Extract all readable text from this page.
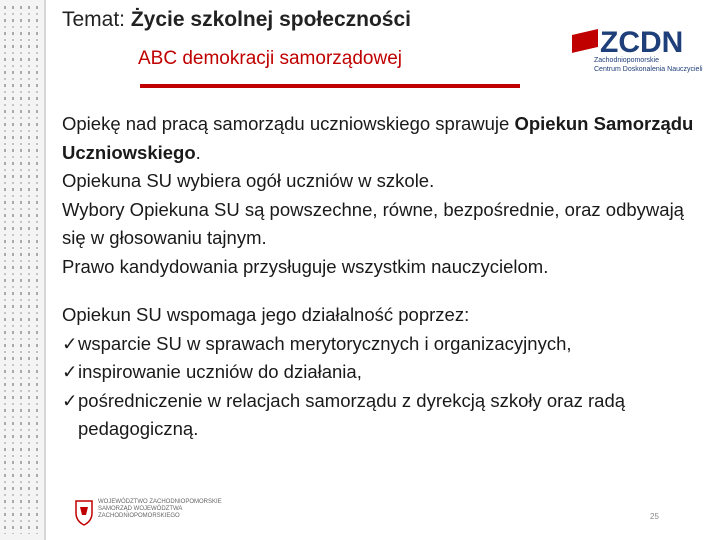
Temat: Życie szkolnej społeczności
ABC demokracji samorządowej	ZCDN
Zachodniopomorskie
Centrum Doskonalenia Nauczycieli

Opiekę nad pracą samorządu uczniowskiego sprawuje Opiekun Samorządu Uczniowskiego.

Opiekuna SU wybiera ogół uczniów w szkole.

Wybory Opiekuna SU są powszechne, równe, bezpośrednie, oraz odbywają się w głosowaniu tajnym.

Prawo kandydowania przysługuje wszystkim nauczycielom.

Opiekun SU wspomaga jego działalność poprzez:

✓ wsparcie SU w sprawach merytorycznych i organizacyjnych,
✓ inspirowanie uczniów do działania,
✓ pośredniczenie w relacjach samorządu z dyrekcją szkoły oraz radą pedagogiczną.
WOJEWÓDZTWO ZACHODNIOPOMORSKIE
SAMORZĄD WOJEWÓDZTWA
ZACHODNIOPOMORSKIEGO	25
